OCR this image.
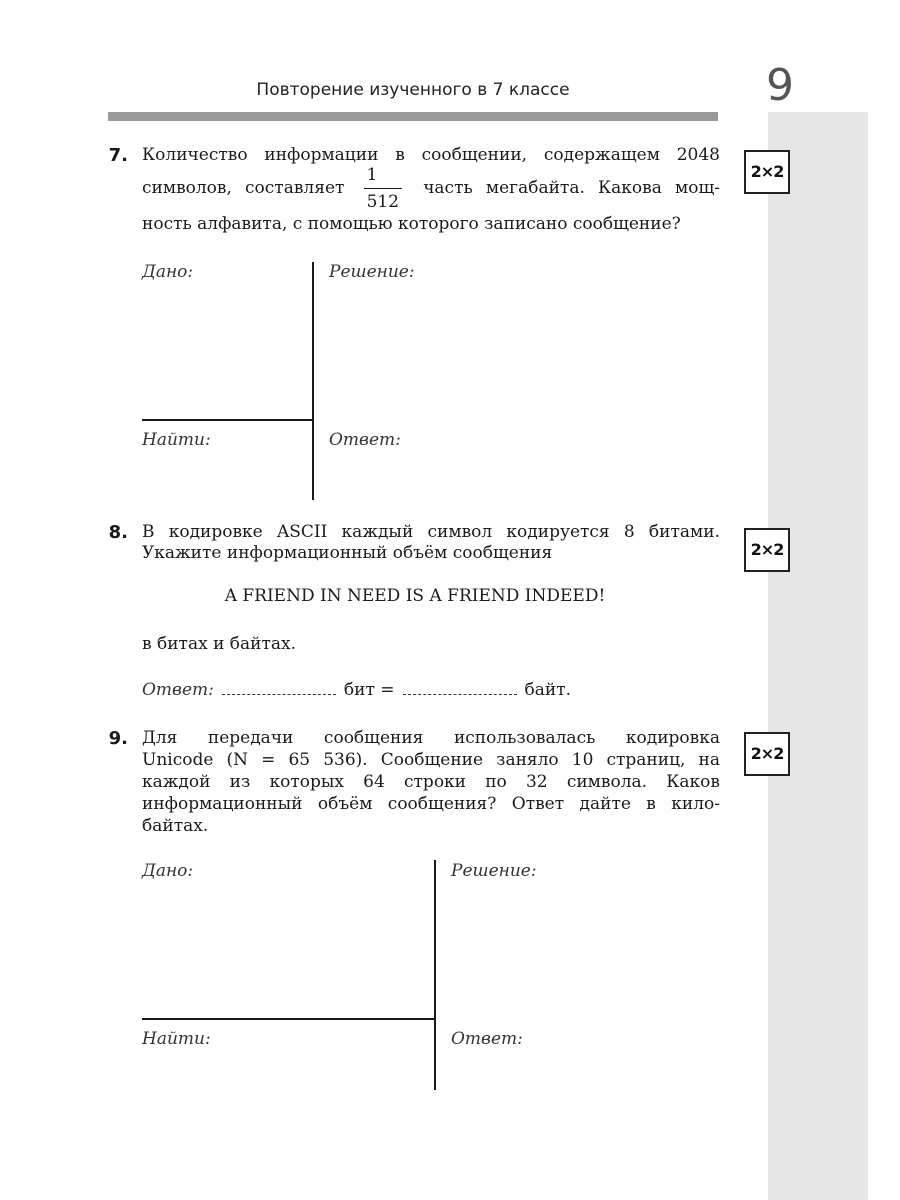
Повторение изученного в 7 классе	9
7. Количество информации в сообщении, содержащем 2048
символов, составляет $\frac{1}{512}$ часть мегабайта. Какова мощ-
ность алфавита, с помощью которого записано сообщение?
2×2
Дано:	Решение:
Найти:	Ответ:
8. В кодировке ASCII каждый символ кодируется 8 битами.
Укажите информационный объём сообщения	2×2
A FRIEND IN NEED IS A FRIEND INDEED!
в битах и байтах.
Ответ:	бит =	байт.
9. Для передачи сообщения использовалась кодировка
Unicode (N = 65 536). Сообщение заняло 10 страниц, на
каждой из которых 64 строки по 32 символа. Каков
информационный объём сообщения? Ответ дайте в кило-
байтах.
2×2
Дано:	Решение:
Найти:	Ответ:
